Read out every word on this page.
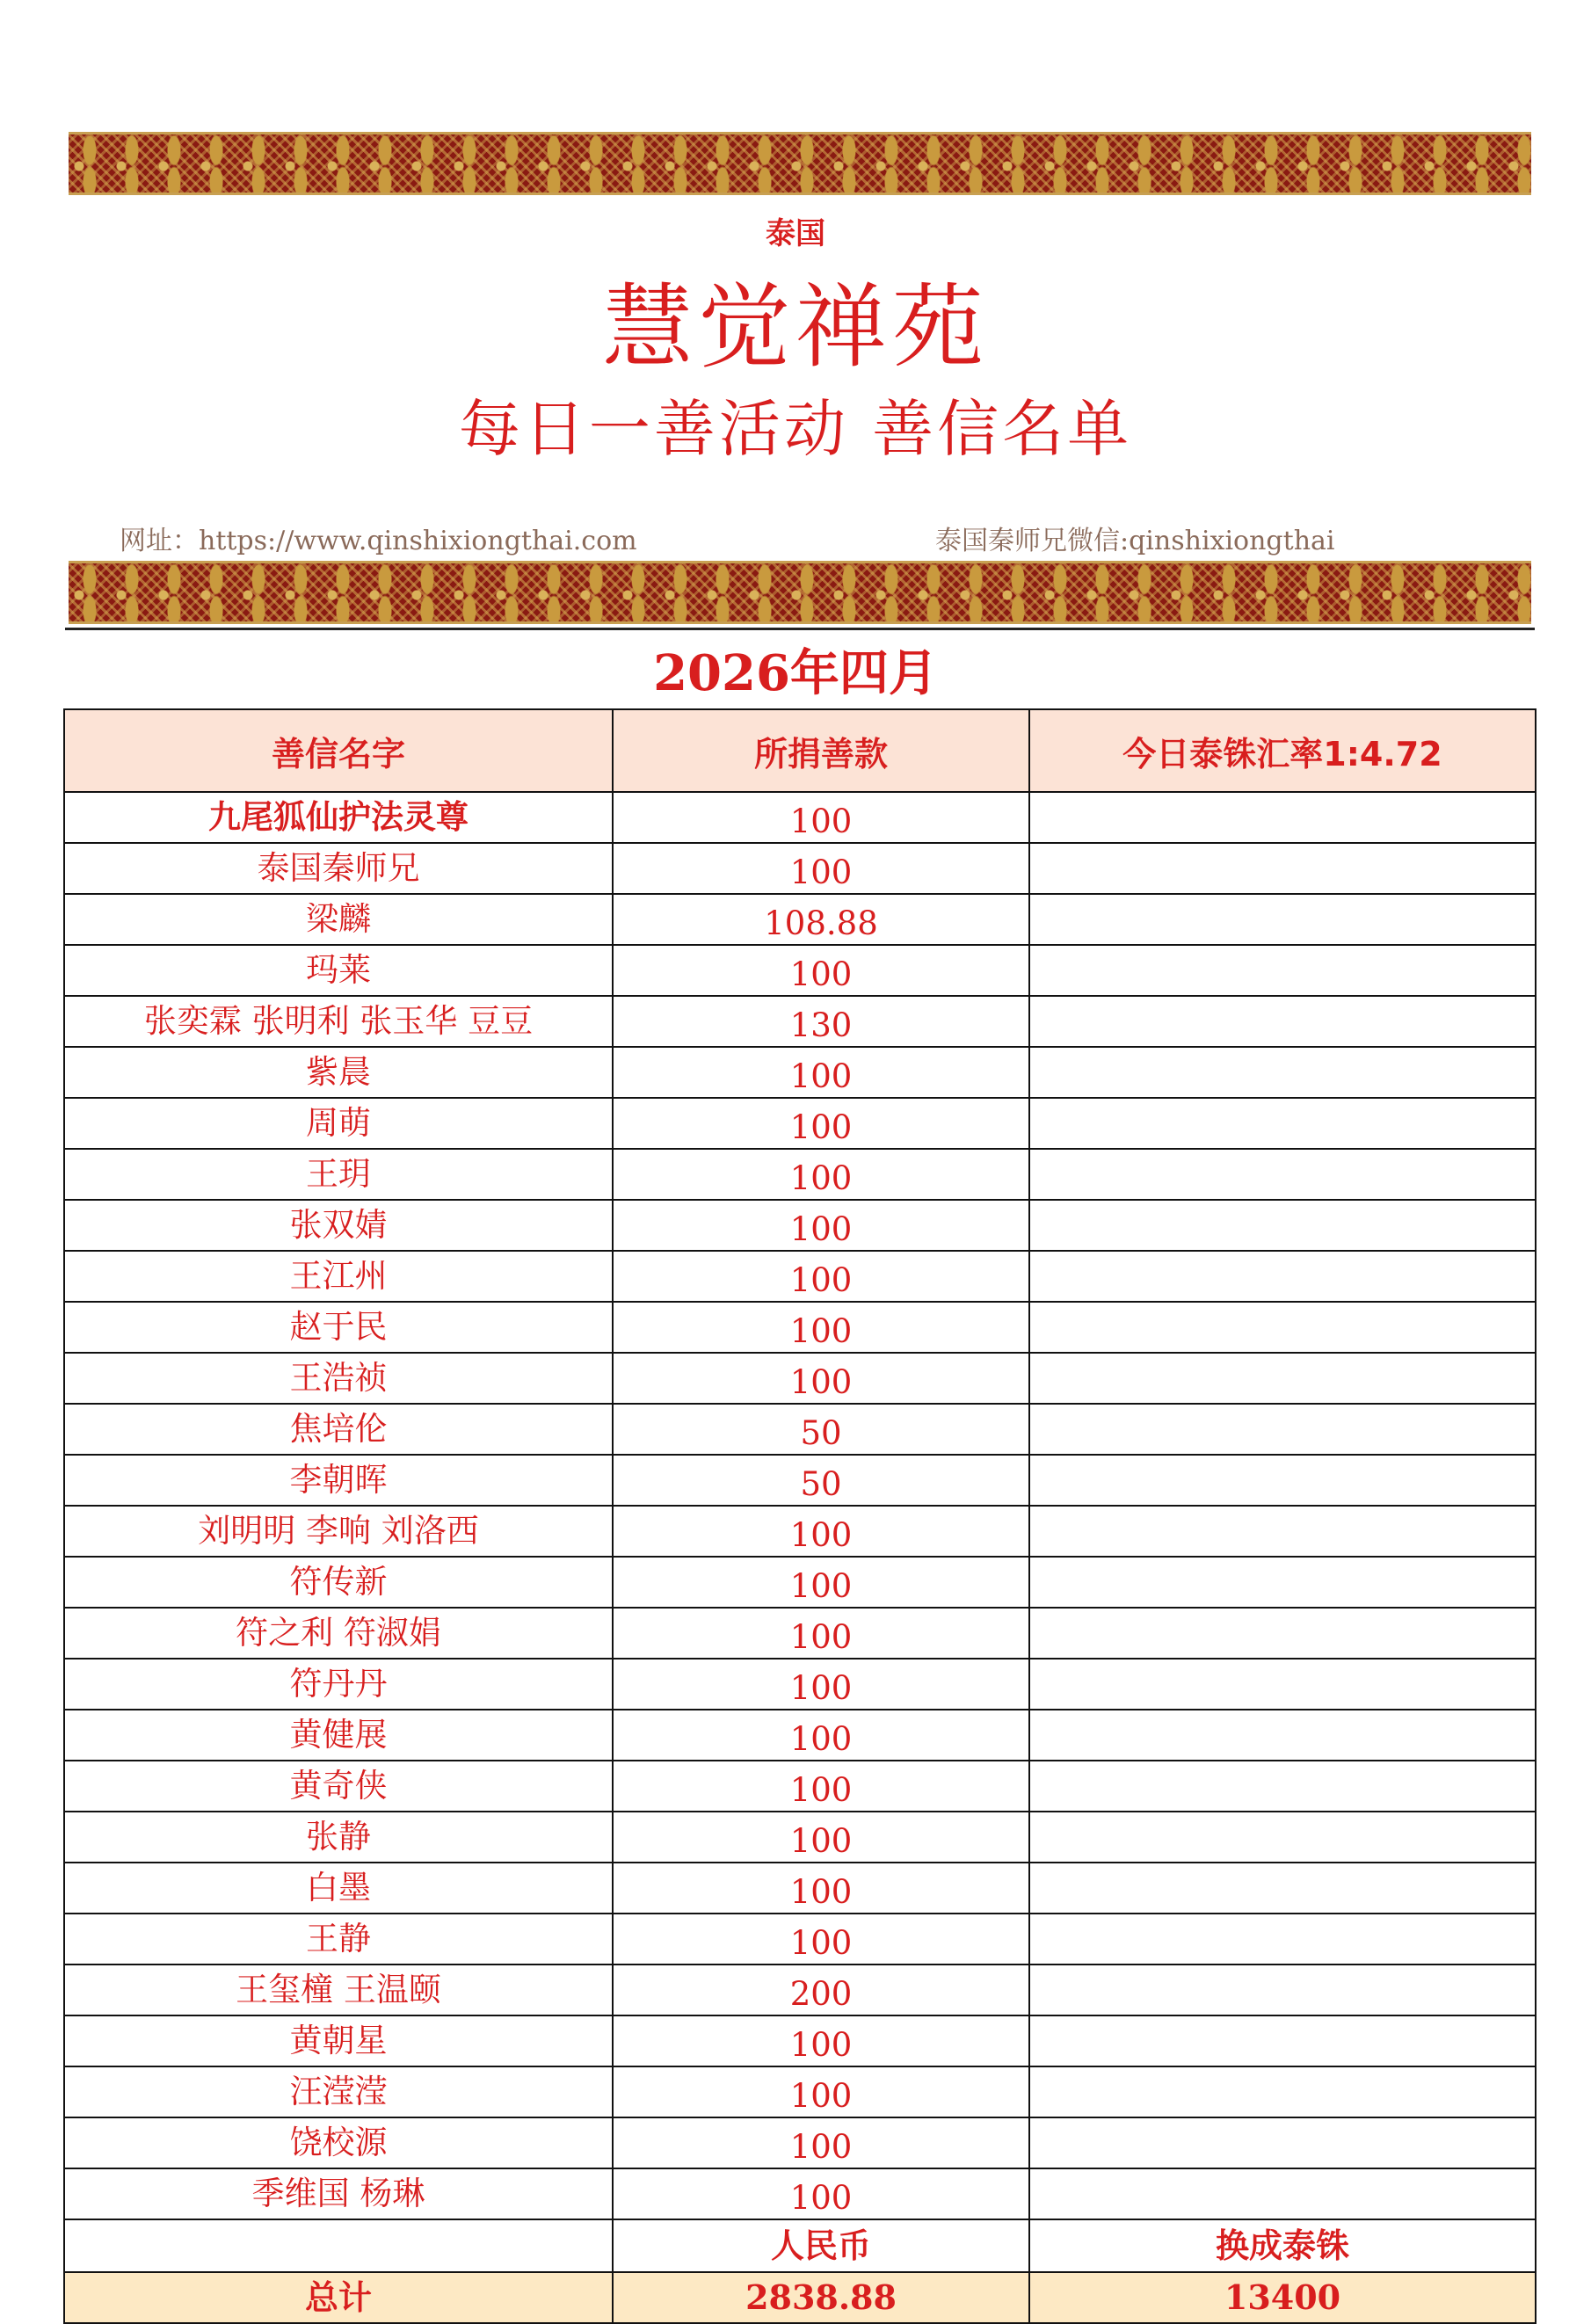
泰国
慧觉禅苑
每日一善活动 善信名单
网址：https://www.qinshixiongthai.com	泰国秦师兄微信:qinshixiongthai
2026年四月
善信名字	所捐善款	今日泰铢汇率1:4.72
九尾狐仙护法灵尊	100	
泰国秦师兄	100	
梁麟	108.88	
玛莱	100	
张奕霖 张明利 张玉华 豆豆	130	
紫晨	100	
周萌	100	
王玥	100	
张双婧	100	
王江州	100	
赵于民	100	
王浩祯	100	
焦培伦	50	
李朝晖	50	
刘明明 李响 刘洛西	100	
符传新	100	
符之利 符淑娟	100	
符丹丹	100	
黄健展	100	
黄奇侠	100	
张静	100	
白墨	100	
王静	100	
王玺橦 王温颐	200	
黄朝星	100	
汪滢滢	100	
饶校源	100	
季维国 杨琳	100	
	人民币	换成泰铢
总计	2838.88	13400
